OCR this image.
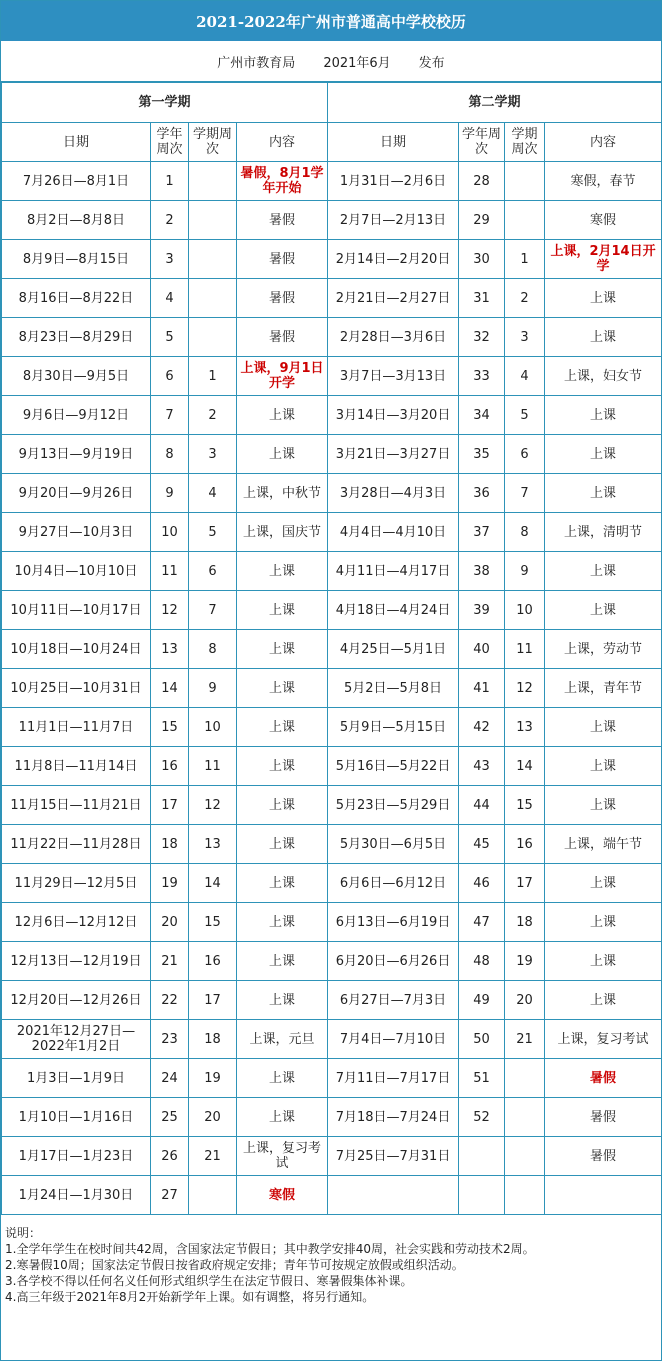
2021-2022年广州市普通高中学校校历
广州市教育局 2021年6月 发布
第一学期				第二学期			
日期	学年周次	学期周次	内容	日期	学年周次	学期周次	内容
7月26日—8月1日	1		暑假，8月1学年开始	1月31日—2月6日	28		寒假，春节
8月2日—8月8日	2		暑假	2月7日—2月13日	29		寒假
8月9日—8月15日	3		暑假	2月14日—2月20日	30	1	上课，2月14日开学
8月16日—8月22日	4		暑假	2月21日—2月27日	31	2	上课
8月23日—8月29日	5		暑假	2月28日—3月6日	32	3	上课
8月30日—9月5日	6	1	上课，9月1日开学	3月7日—3月13日	33	4	上课，妇女节
9月6日—9月12日	7	2	上课	3月14日—3月20日	34	5	上课
9月13日—9月19日	8	3	上课	3月21日—3月27日	35	6	上课
9月20日—9月26日	9	4	上课，中秋节	3月28日—4月3日	36	7	上课
9月27日—10月3日	10	5	上课，国庆节	4月4日—4月10日	37	8	上课，清明节
10月4日—10月10日	11	6	上课	4月11日—4月17日	38	9	上课
10月11日—10月17日	12	7	上课	4月18日—4月24日	39	10	上课
10月18日—10月24日	13	8	上课	4月25日—5月1日	40	11	上课，劳动节
10月25日—10月31日	14	9	上课	5月2日—5月8日	41	12	上课，青年节
11月1日—11月7日	15	10	上课	5月9日—5月15日	42	13	上课
11月8日—11月14日	16	11	上课	5月16日—5月22日	43	14	上课
11月15日—11月21日	17	12	上课	5月23日—5月29日	44	15	上课
11月22日—11月28日	18	13	上课	5月30日—6月5日	45	16	上课，端午节
11月29日—12月5日	19	14	上课	6月6日—6月12日	46	17	上课
12月6日—12月12日	20	15	上课	6月13日—6月19日	47	18	上课
12月13日—12月19日	21	16	上课	6月20日—6月26日	48	19	上课
12月20日—12月26日	22	17	上课	6月27日—7月3日	49	20	上课
2021年12月27日—2022年1月2日	23	18	上课，元旦	7月4日—7月10日	50	21	上课，复习考试
1月3日—1月9日	24	19	上课	7月11日—7月17日	51		暑假
1月10日—1月16日	25	20	上课	7月18日—7月24日	52		暑假
1月17日—1月23日	26	21	上课，复习考试	7月25日—7月31日			暑假
1月24日—1月30日	27		寒假				
说明：
1.全学年学生在校时间共42周，含国家法定节假日；其中教学安排40周，社会实践和劳动技术2周。
2.寒暑假10周；国家法定节假日按省政府规定安排；青年节可按规定放假或组织活动。
3.各学校不得以任何名义任何形式组织学生在法定节假日、寒暑假集体补课。
4.高三年级于2021年8月2开始新学年上课。如有调整，将另行通知。
